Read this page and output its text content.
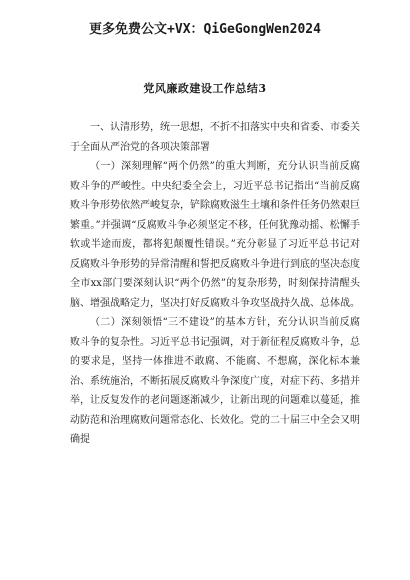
更多免费公文+VX：QiGeGongWen2024
党风廉政建设工作总结3

一、认清形势，统一思想，不折不扣落实中央和省委、市委关于全面从严治党的各项决策部署

（一）深刻理解“两个仍然”的重大判断，充分认识当前反腐败斗争的严峻性。中央纪委全会上，习近平总书记指出“当前反腐败斗争形势依然严峻复杂，铲除腐败滋生土壤和条件任务仍然艰巨繁重。”并强调“反腐败斗争必须坚定不移，任何犹豫动摇、松懈手软或半途而废，都将犯颠覆性错误。”充分彰显了习近平总书记对反腐败斗争形势的异常清醒和誓把反腐败斗争进行到底的坚决态度全市xx部门要深刻认识“两个仍然”的复杂形势，时刻保持清醒头脑、增强战略定力，坚决打好反腐败斗争攻坚战持久战、总体战。

（二）深刻领悟“三不建设”的基本方针，充分认识当前反腐败斗争的复杂性。习近平总书记强调，对于新征程反腐败斗争，总的要求是，坚持一体推进不敢腐、不能腐、不想腐，深化标本兼治、系统施治，不断拓展反腐败斗争深度广度，对症下药、多措并举，让反复发作的老问题逐渐减少，让新出现的问题难以蔓延，推动防范和治理腐败问题常态化、长效化。党的二十届三中全会又明确提
